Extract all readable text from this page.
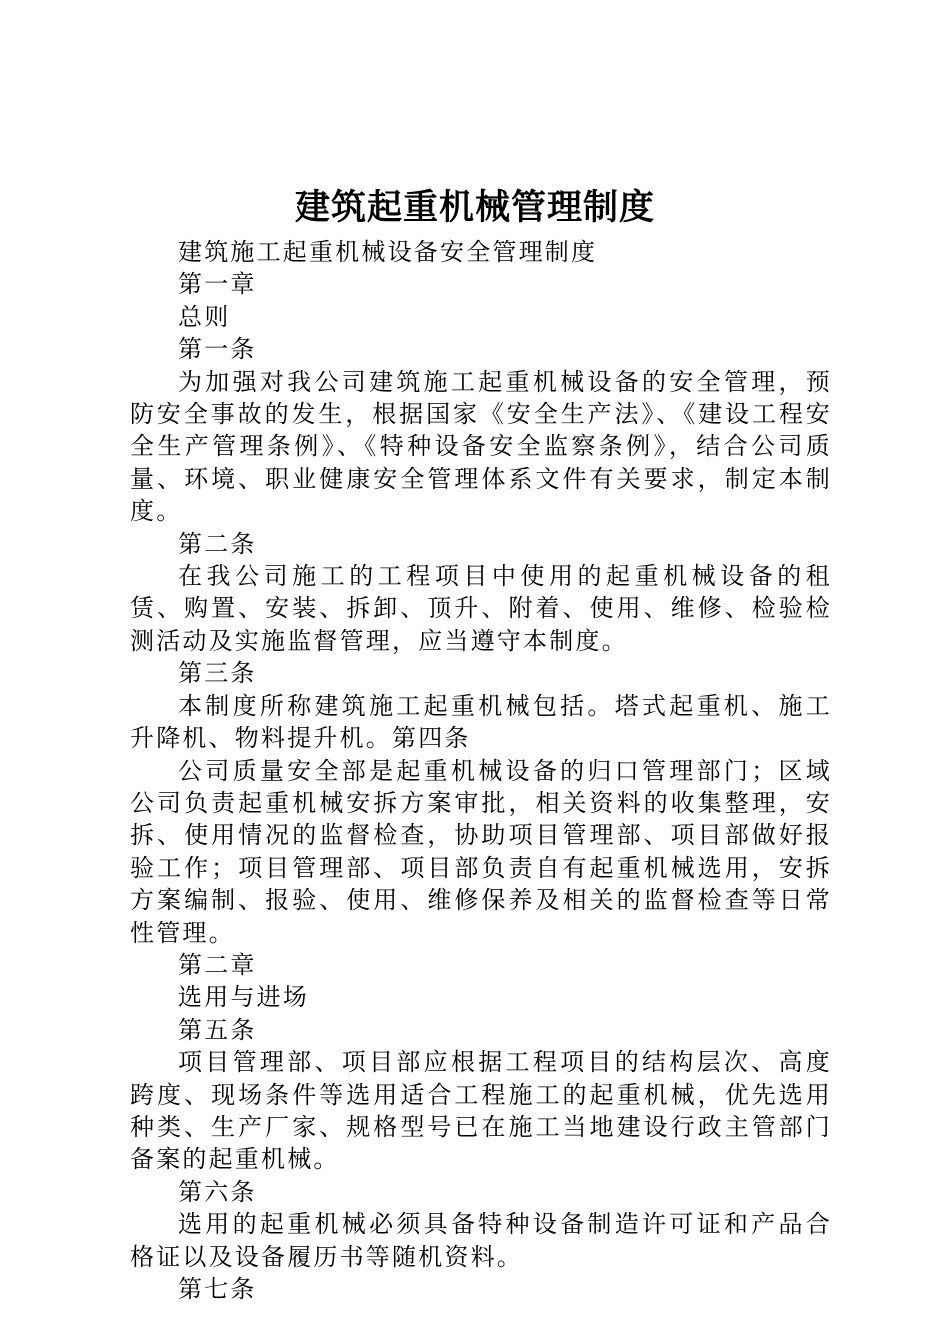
建筑起重机械管理制度

建筑施工起重机械设备安全管理制度

第一章

总则

第一条

为加强对我公司建筑施工起重机械设备的安全管理，预防安全事故的发生，根据国家《安全生产法》、《建设工程安全生产管理条例》、《特种设备安全监察条例》，结合公司质量、环境、职业健康安全管理体系文件有关要求，制定本制度。

第二条

在我公司施工的工程项目中使用的起重机械设备的租赁、购置、安装、拆卸、顶升、附着、使用、维修、检验检测活动及实施监督管理，应当遵守本制度。

第三条

本制度所称建筑施工起重机械包括。塔式起重机、施工升降机、物料提升机。第四条

公司质量安全部是起重机械设备的归口管理部门；区域公司负责起重机械安拆方案审批，相关资料的收集整理，安拆、使用情况的监督检查，协助项目管理部、项目部做好报验工作；项目管理部、项目部负责自有起重机械选用，安拆方案编制、报验、使用、维修保养及相关的监督检查等日常性管理。

第二章

选用与进场

第五条

项目管理部、项目部应根据工程项目的结构层次、高度跨度、现场条件等选用适合工程施工的起重机械，优先选用种类、生产厂家、规格型号已在施工当地建设行政主管部门备案的起重机械。

第六条

选用的起重机械必须具备特种设备制造许可证和产品合格证以及设备履历书等随机资料。

第七条
